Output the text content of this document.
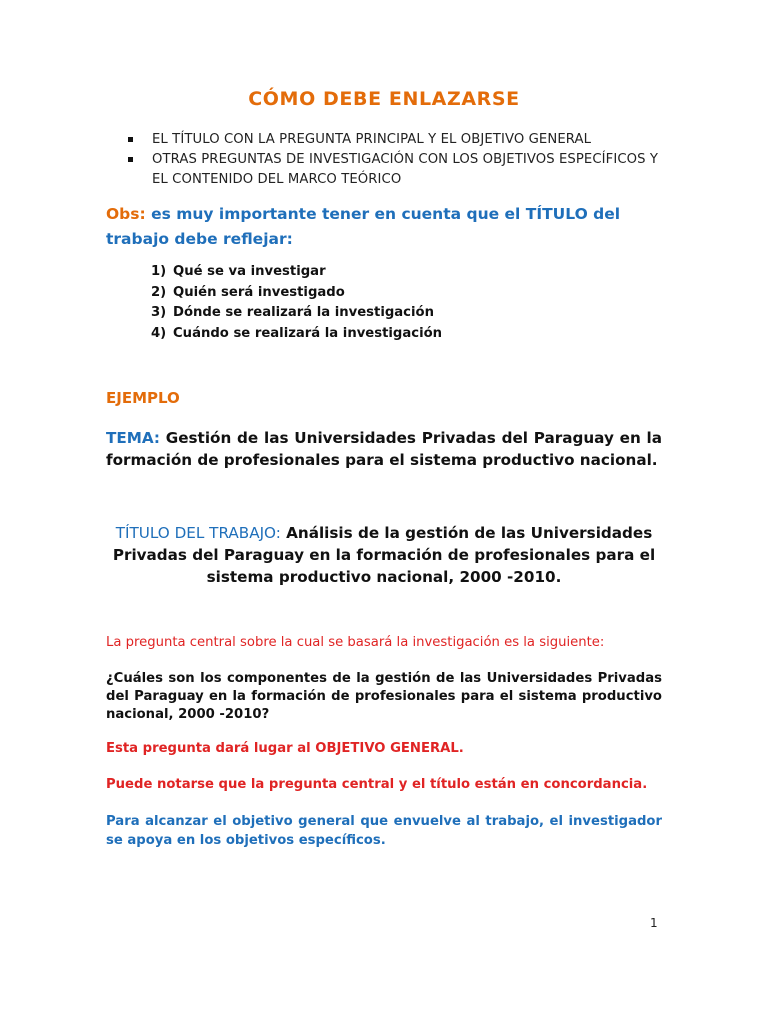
CÓMO DEBE ENLAZARSE
EL TÍTULO CON LA PREGUNTA PRINCIPAL Y EL OBJETIVO GENERAL
OTRAS PREGUNTAS DE INVESTIGACIÓN CON LOS OBJETIVOS ESPECÍFICOS Y EL CONTENIDO DEL MARCO TEÓRICO
Obs: es muy importante tener en cuenta que el TÍTULO del trabajo debe reflejar:
1) Qué se va investigar
2) Quién será investigado
3) Dónde se realizará la investigación
4) Cuándo se realizará la investigación
EJEMPLO
TEMA: Gestión de las Universidades Privadas del Paraguay en la formación de profesionales para el sistema productivo nacional.
TÍTULO DEL TRABAJO: Análisis de la gestión de las Universidades Privadas del Paraguay en la formación de profesionales para el sistema productivo nacional, 2000 -2010.
La pregunta central sobre la cual se basará la investigación es la siguiente:
¿Cuáles son los componentes de la gestión de las Universidades Privadas del Paraguay en la formación de profesionales para el sistema productivo nacional, 2000 -2010?
Esta pregunta dará lugar al OBJETIVO GENERAL.
Puede notarse que la pregunta central y el título están en concordancia.
Para alcanzar el objetivo general que envuelve al trabajo, el investigador se apoya en los objetivos específicos.
1
